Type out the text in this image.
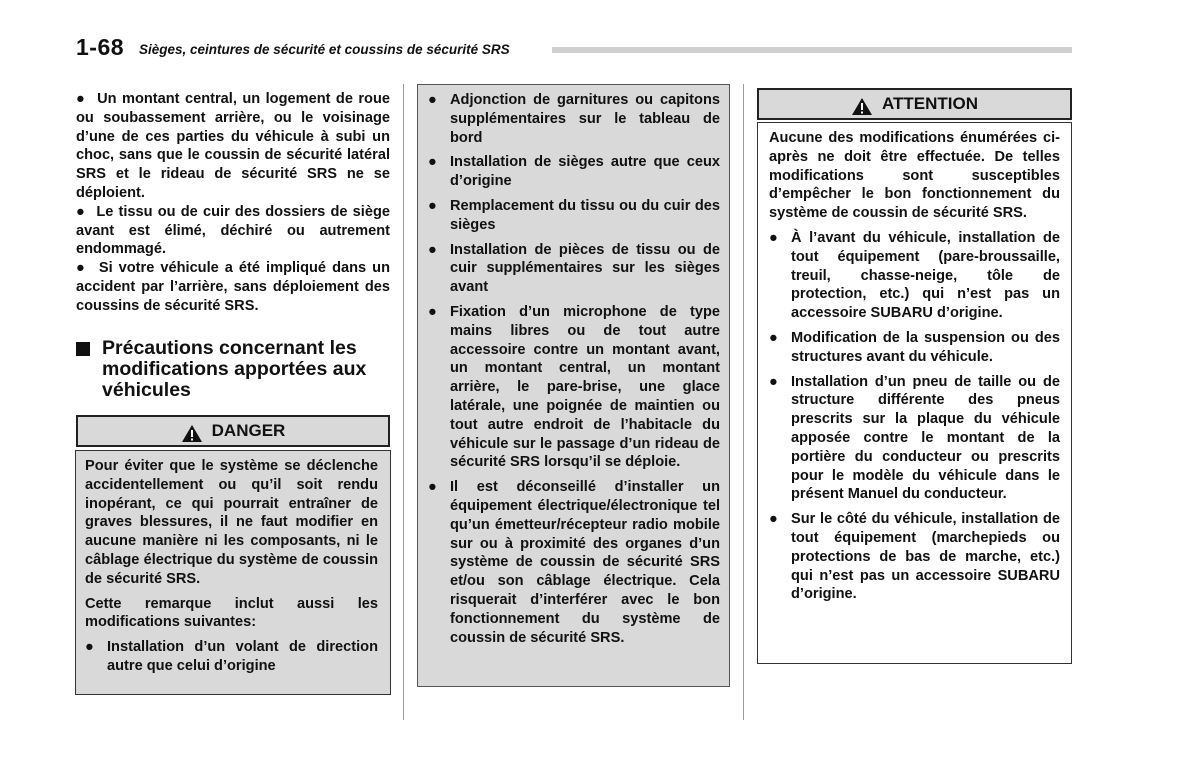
1-68 Sièges, ceintures de sécurité et coussins de sécurité SRS

● Un montant central, un logement de roue ou soubassement arrière, ou le voisinage d’une de ces parties du véhicule à subi un choc, sans que le coussin de sécurité latéral SRS et le rideau de sécurité SRS ne se déploient.

● Le tissu ou de cuir des dossiers de siège avant est élimé, déchiré ou autrement endommagé.

● Si votre véhicule a été impliqué dans un accident par l’arrière, sans déploiement des coussins de sécurité SRS.

Précautions concernant les modifications apportées aux véhicules
DANGER

Pour éviter que le système se déclenche accidentellement ou qu’il soit rendu inopérant, ce qui pourrait entraîner de graves blessures, il ne faut modifier en aucune manière ni les composants, ni le câblage électrique du système de coussin de sécurité SRS.

Cette remarque inclut aussi les modifications suivantes:

● Installation d’un volant de direction autre que celui d’origine
● Adjonction de garnitures ou capitons supplémentaires sur le tableau de bord
● Installation de sièges autre que ceux d’origine
● Remplacement du tissu ou du cuir des sièges
● Installation de pièces de tissu ou de cuir supplémentaires sur les sièges avant
● Fixation d’un microphone de type mains libres ou de tout autre accessoire contre un montant avant, un montant central, un montant arrière, le pare-brise, une glace latérale, une poignée de maintien ou tout autre endroit de l’habitacle du véhicule sur le passage d’un rideau de sécurité SRS lorsqu’il se déploie.
● Il est déconseillé d’installer un équipement électrique/électronique tel qu’un émetteur/récepteur radio mobile sur ou à proximité des organes d’un système de coussin de sécurité SRS et/ou son câblage électrique. Cela risquerait d’interférer avec le bon fonctionnement du système de coussin de sécurité SRS.
ATTENTION

Aucune des modifications énumérées ci-après ne doit être effectuée. De telles modifications sont susceptibles d’empêcher le bon fonctionnement du système de coussin de sécurité SRS.

● À l’avant du véhicule, installation de tout équipement (pare-broussaille, treuil, chasse-neige, tôle de protection, etc.) qui n’est pas un accessoire SUBARU d’origine.
● Modification de la suspension ou des structures avant du véhicule.
● Installation d’un pneu de taille ou de structure différente des pneus prescrits sur la plaque du véhicule apposée contre le montant de la portière du conducteur ou prescrits pour le modèle du véhicule dans le présent Manuel du conducteur.
● Sur le côté du véhicule, installation de tout équipement (marchepieds ou protections de bas de marche, etc.) qui n’est pas un accessoire SUBARU d’origine.
